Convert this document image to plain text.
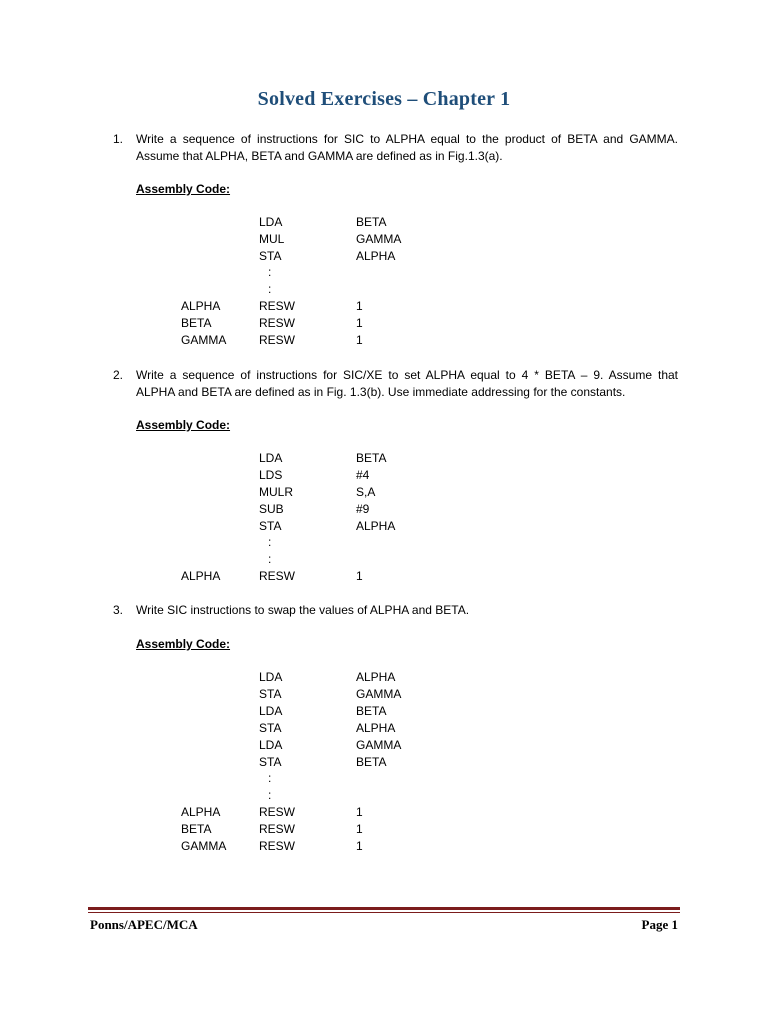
Solved Exercises – Chapter 1
1. Write a sequence of instructions for SIC to ALPHA equal to the product of BETA and GAMMA.
Assume that ALPHA, BETA and GAMMA are defined as in Fig.1.3(a).
Assembly Code:
LDA	BETA
MUL	GAMMA
STA	ALPHA
:
:
ALPHA	RESW	1
BETA	RESW	1
GAMMA	RESW	1
2. Write a sequence of instructions for SIC/XE to set ALPHA equal to 4 * BETA – 9. Assume that
ALPHA and BETA are defined as in Fig. 1.3(b). Use immediate addressing for the constants.
Assembly Code:
LDA	BETA
LDS	#4
MULR	S,A
SUB	#9
STA	ALPHA
:
:
ALPHA	RESW	1
3. Write SIC instructions to swap the values of ALPHA and BETA.
Assembly Code:
LDA	ALPHA
STA	GAMMA
LDA	BETA
STA	ALPHA
LDA	GAMMA
STA	BETA
:
:
ALPHA	RESW	1
BETA	RESW	1
GAMMA	RESW	1
Ponns/APEC/MCA	Page 1
